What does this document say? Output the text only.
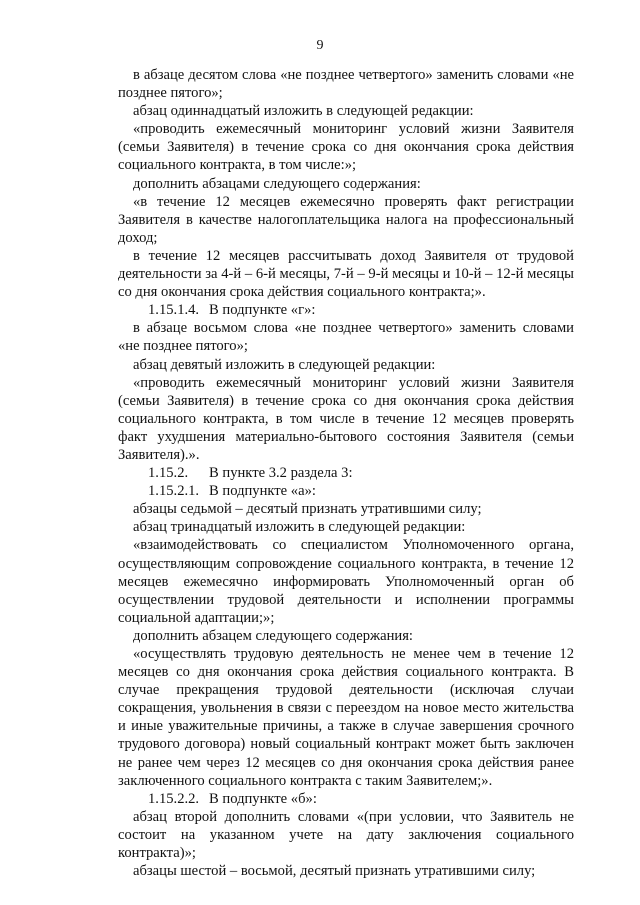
9

в абзаце десятом слова «не позднее четвертого» заменить словами «не позднее пятого»;

абзац одиннадцатый изложить в следующей редакции:

«проводить ежемесячный мониторинг условий жизни Заявителя (семьи Заявителя) в течение срока со дня окончания срока действия социального контракта, в том числе:»;

дополнить абзацами следующего содержания:

«в течение 12 месяцев ежемесячно проверять факт регистрации Заявителя в качестве налогоплательщика налога на профессиональный доход;

в течение 12 месяцев рассчитывать доход Заявителя от трудовой деятельности за 4-й – 6-й месяцы, 7-й – 9-й месяцы и 10-й – 12-й месяцы со дня окончания срока действия социального контракта;».

1.15.1.4. В подпункте «г»:

в абзаце восьмом слова «не позднее четвертого» заменить словами «не позднее пятого»;

абзац девятый изложить в следующей редакции:

«проводить ежемесячный мониторинг условий жизни Заявителя (семьи Заявителя) в течение срока со дня окончания срока действия социального контракта, в том числе в течение 12 месяцев проверять факт ухудшения материально-бытового состояния Заявителя (семьи Заявителя).».

1.15.2. В пункте 3.2 раздела 3:

1.15.2.1. В подпункте «а»:

абзацы седьмой – десятый признать утратившими силу;

абзац тринадцатый изложить в следующей редакции:

«взаимодействовать со специалистом Уполномоченного органа, осуществляющим сопровождение социального контракта, в течение 12 месяцев ежемесячно информировать Уполномоченный орган об осуществлении трудовой деятельности и исполнении программы социальной адаптации;»;

дополнить абзацем следующего содержания:

«осуществлять трудовую деятельность не менее чем в течение 12 месяцев со дня окончания срока действия социального контракта. В случае прекращения трудовой деятельности (исключая случаи сокращения, увольнения в связи с переездом на новое место жительства и иные уважительные причины, а также в случае завершения срочного трудового договора) новый социальный контракт может быть заключен не ранее чем через 12 месяцев со дня окончания срока действия ранее заключенного социального контракта с таким Заявителем;».

1.15.2.2. В подпункте «б»:

абзац второй дополнить словами «(при условии, что Заявитель не состоит на указанном учете на дату заключения социального контракта)»;

абзацы шестой – восьмой, десятый признать утратившими силу;
